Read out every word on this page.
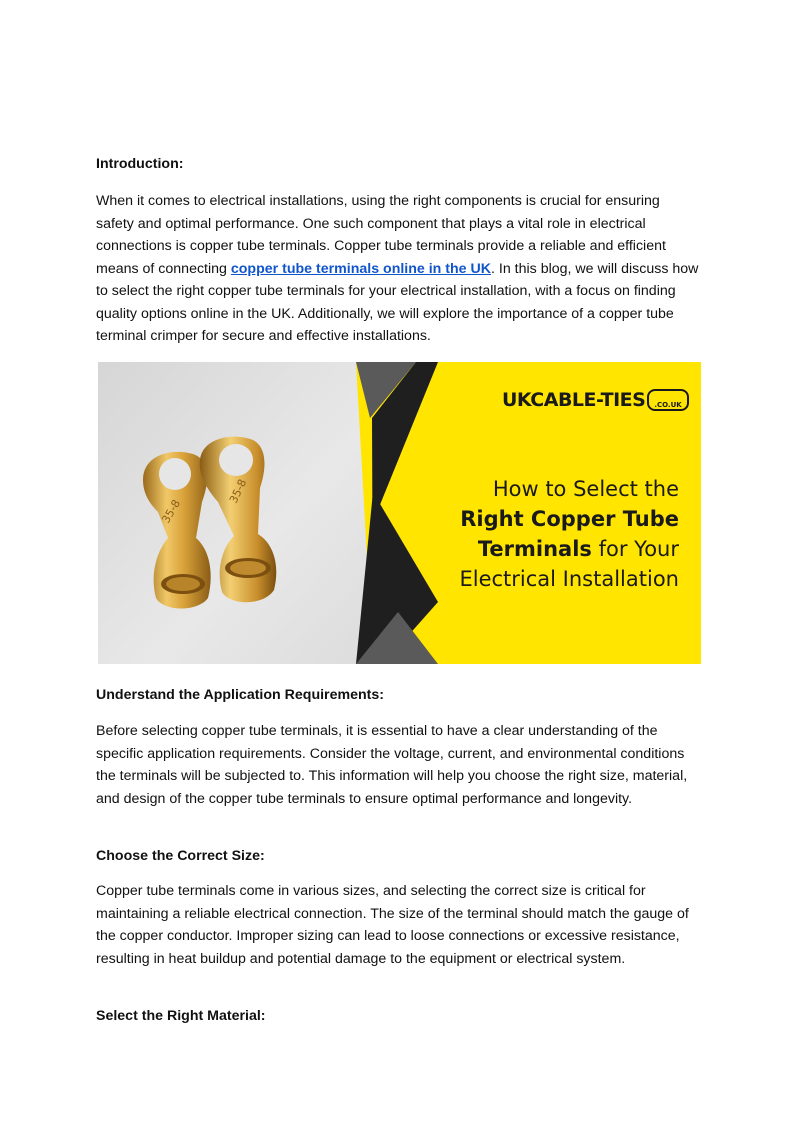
Introduction:

When it comes to electrical installations, using the right components is crucial for ensuring safety and optimal performance. One such component that plays a vital role in electrical connections is copper tube terminals. Copper tube terminals provide a reliable and efficient means of connecting copper tube terminals online in the UK. In this blog, we will discuss how to select the right copper tube terminals for your electrical installation, with a focus on finding quality options online in the UK. Additionally, we will explore the importance of a copper tube terminal crimper for secure and effective installations.

Understand the Application Requirements:

Before selecting copper tube terminals, it is essential to have a clear understanding of the specific application requirements. Consider the voltage, current, and environmental conditions the terminals will be subjected to. This information will help you choose the right size, material, and design of the copper tube terminals to ensure optimal performance and longevity.

Choose the Correct Size:

Copper tube terminals come in various sizes, and selecting the correct size is critical for maintaining a reliable electrical connection. The size of the terminal should match the gauge of the copper conductor. Improper sizing can lead to loose connections or excessive resistance, resulting in heat buildup and potential damage to the equipment or electrical system.

Select the Right Material:

35-8
35-8
UKCABLE-TIES	.CO.UK
How to Select the
Right Copper Tube
Terminals for Your
Electrical Installation
